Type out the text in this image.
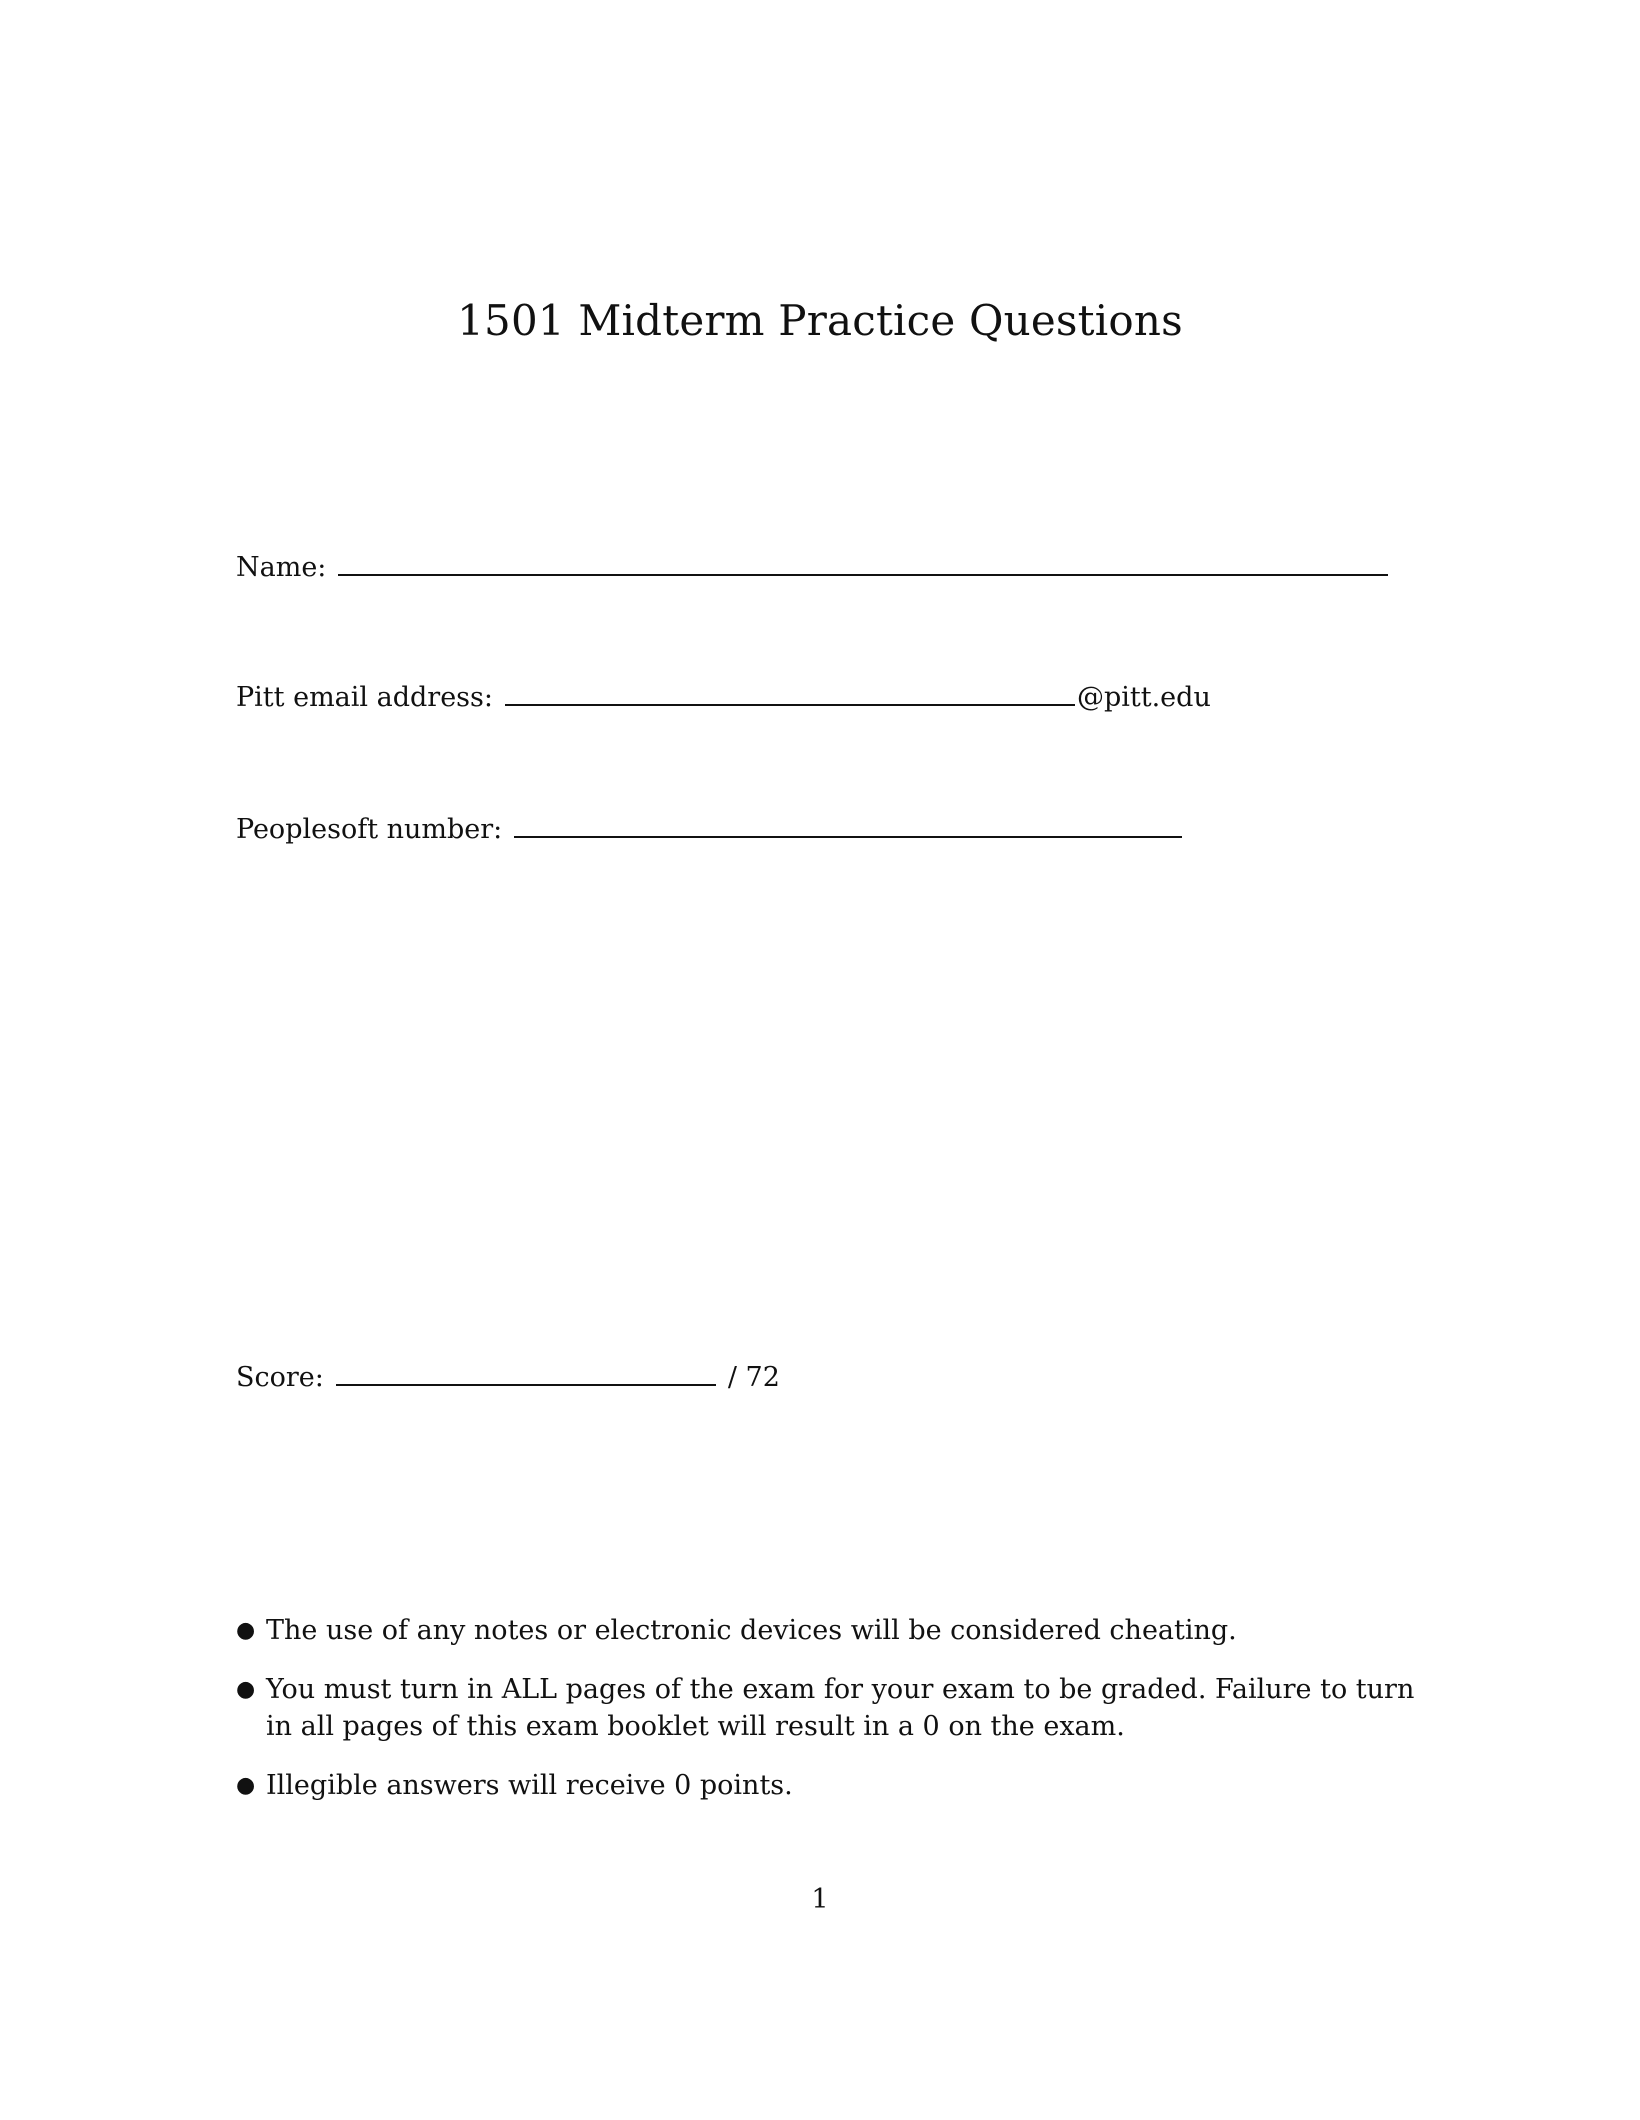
1501 Midterm Practice Questions
Name:
Pitt email address:	@pitt.edu
Peoplesoft number:
Score:	/ 72
● The use of any notes or electronic devices will be considered cheating.
● You must turn in ALL pages of the exam for your exam to be graded. Failure to turn in all pages of this exam booklet will result in a 0 on the exam.
● Illegible answers will receive 0 points.
1
